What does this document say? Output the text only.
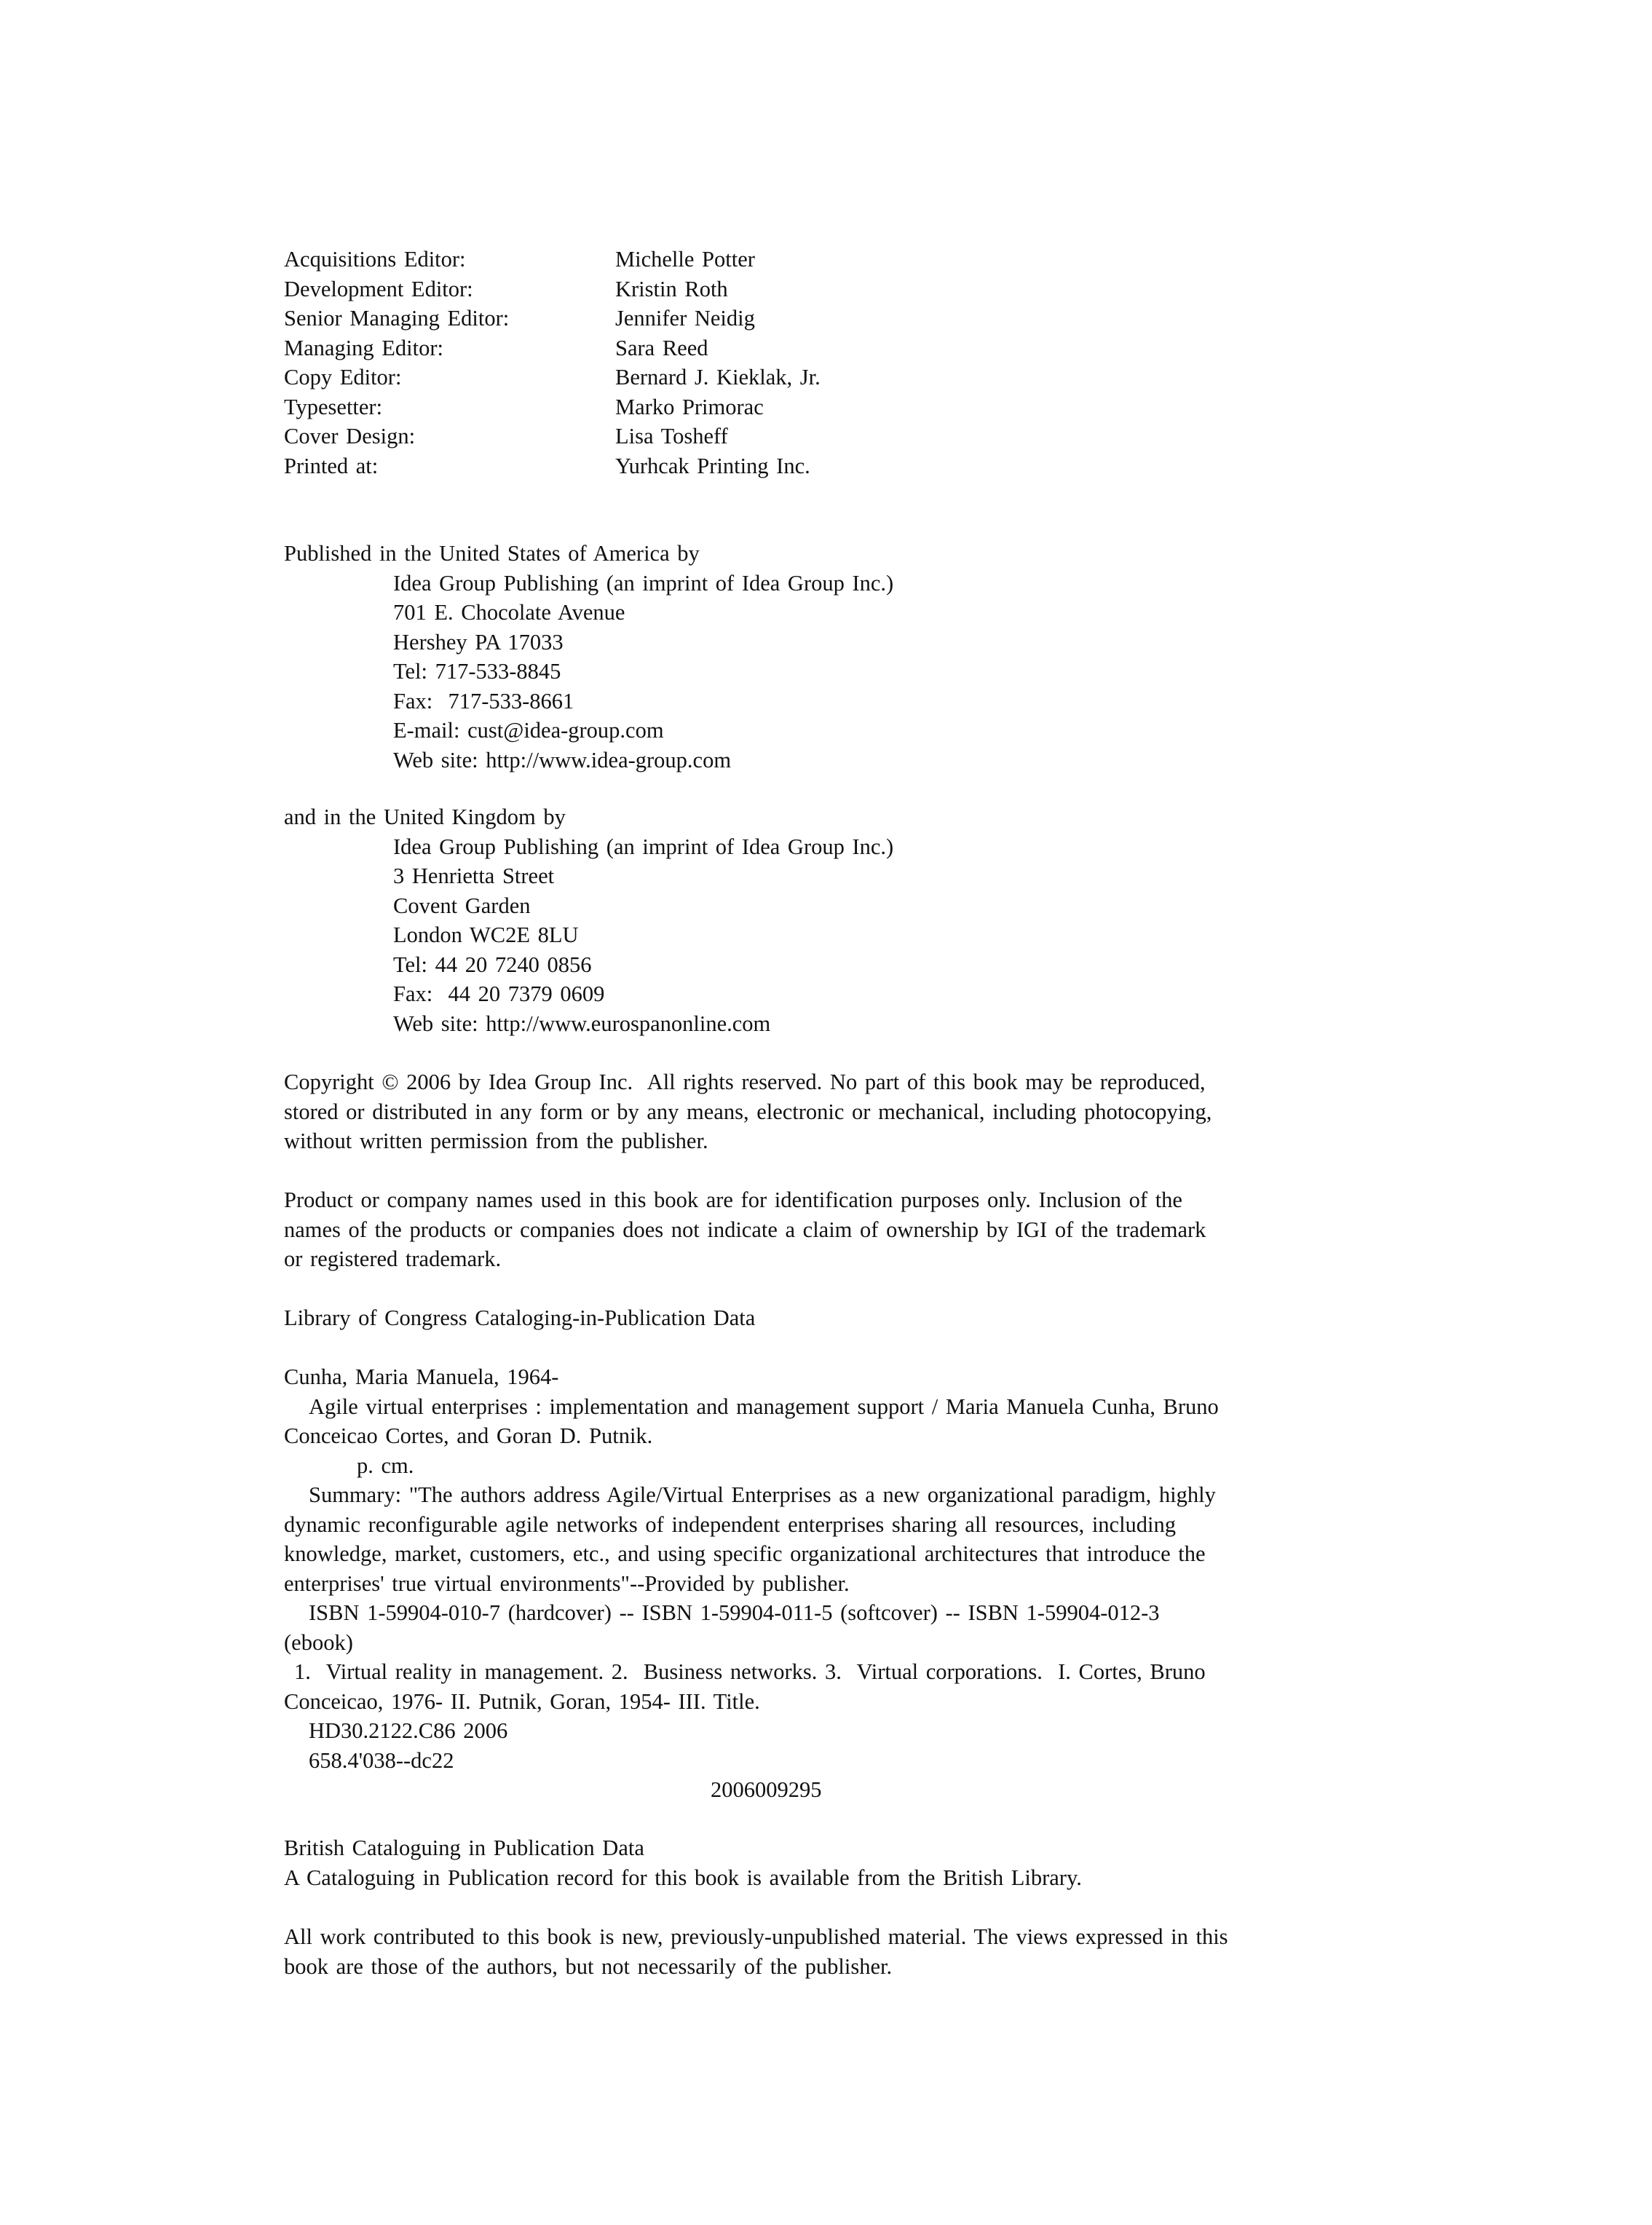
Acquisitions Editor:	Michelle Potter
Development Editor:	Kristin Roth
Senior Managing Editor:	Jennifer Neidig
Managing Editor:	Sara Reed
Copy Editor:	Bernard J. Kieklak, Jr.
Typesetter:	Marko Primorac
Cover Design:	Lisa Tosheff
Printed at:	Yurhcak Printing Inc.
Published in the United States of America by
Idea Group Publishing (an imprint of Idea Group Inc.)
701 E. Chocolate Avenue
Hershey PA 17033
Tel: 717-533-8845
Fax:  717-533-8661
E-mail: cust@idea-group.com
Web site: http://www.idea-group.com
and in the United Kingdom by
Idea Group Publishing (an imprint of Idea Group Inc.)
3 Henrietta Street
Covent Garden
London WC2E 8LU
Tel: 44 20 7240 0856
Fax:  44 20 7379 0609
Web site: http://www.eurospanonline.com
Copyright © 2006 by Idea Group Inc.  All rights reserved. No part of this book may be reproduced,
stored or distributed in any form or by any means, electronic or mechanical, including photocopying,
without written permission from the publisher.
Product or company names used in this book are for identification purposes only. Inclusion of the
names of the products or companies does not indicate a claim of ownership by IGI of the trademark
or registered trademark.
Library of Congress Cataloging-in-Publication Data
Cunha, Maria Manuela, 1964-
Agile virtual enterprises : implementation and management support / Maria Manuela Cunha, Bruno
Conceicao Cortes, and Goran D. Putnik.
p. cm.
Summary: "The authors address Agile/Virtual Enterprises as a new organizational paradigm, highly
dynamic reconfigurable agile networks of independent enterprises sharing all resources, including
knowledge, market, customers, etc., and using specific organizational architectures that introduce the
enterprises' true virtual environments"--Provided by publisher.
ISBN 1-59904-010-7 (hardcover) -- ISBN 1-59904-011-5 (softcover) -- ISBN 1-59904-012-3
(ebook)
1.  Virtual reality in management. 2.  Business networks. 3.  Virtual corporations.  I. Cortes, Bruno
Conceicao, 1976- II. Putnik, Goran, 1954- III. Title.
HD30.2122.C86 2006
658.4'038--dc22
2006009295
British Cataloguing in Publication Data
A Cataloguing in Publication record for this book is available from the British Library.
All work contributed to this book is new, previously-unpublished material. The views expressed in this
book are those of the authors, but not necessarily of the publisher.
